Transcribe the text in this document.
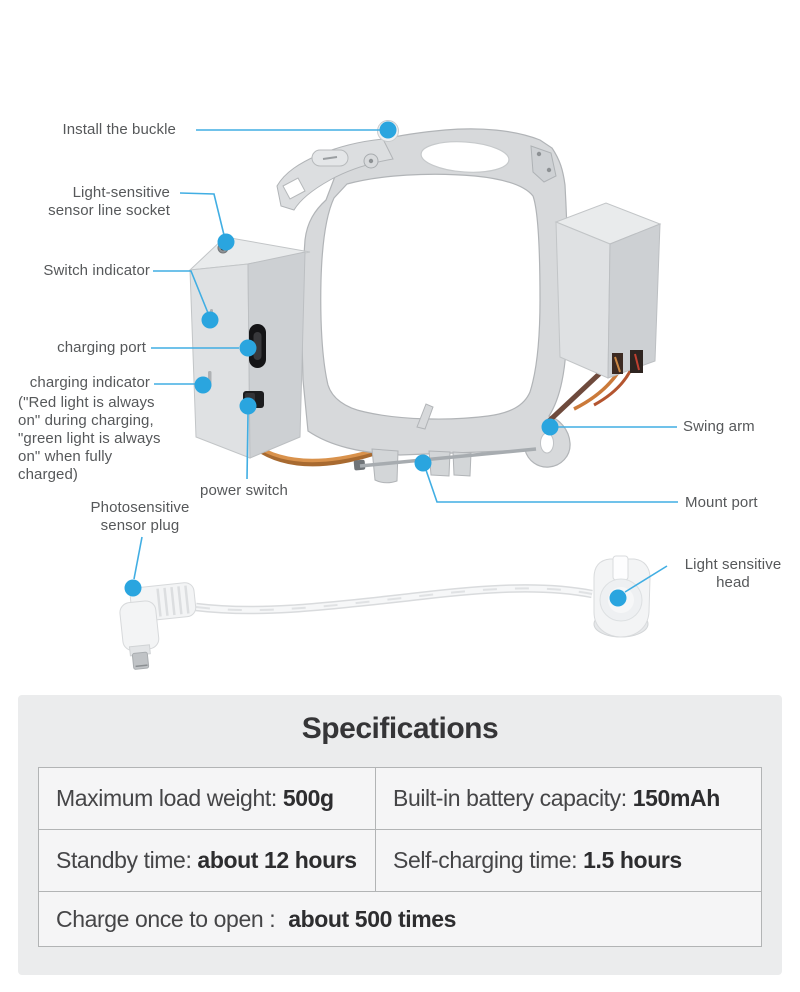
Install the buckle
Light-sensitive
sensor line socket
Switch indicator
charging port
charging indicator
("Red light is always
on" during charging,
"green light is always
on" when fully
charged)
power switch
Photosensitive
sensor plug
Swing arm
Mount port
Light sensitive
head
Specifications
Maximum load weight: 500g	Built-in battery capacity: 150mAh
Standby time: about 12 hours Self-charging time: 1.5 hours
Charge once to open : about 500 times
